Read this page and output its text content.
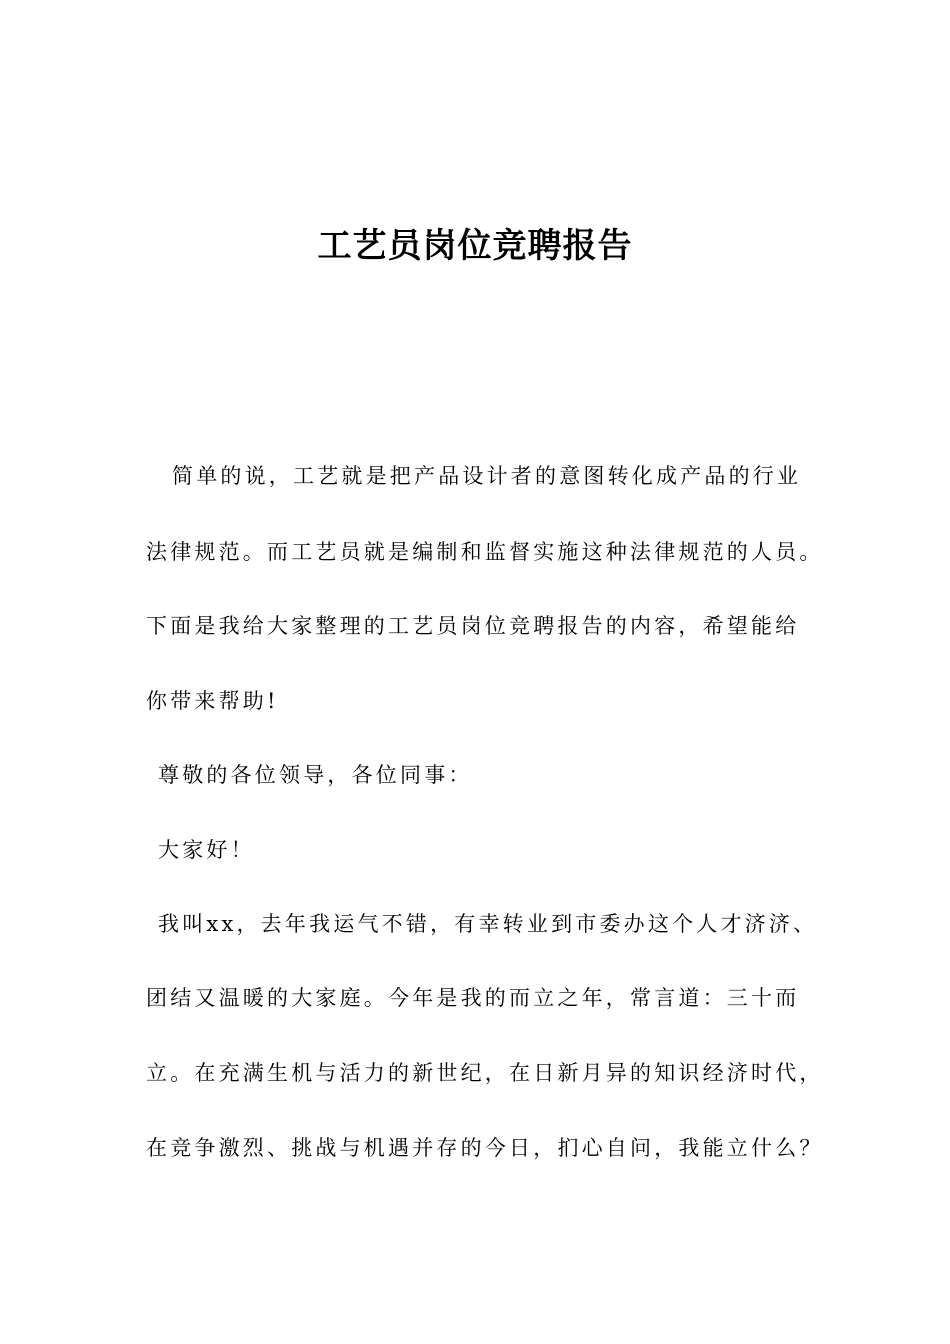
工艺员岗位竞聘报告
简单的说，工艺就是把产品设计者的意图转化成产品的行业
法律规范。而工艺员就是编制和监督实施这种法律规范的人员。
下面是我给大家整理的工艺员岗位竞聘报告的内容，希望能给
你带来帮助!
尊敬的各位领导，各位同事：
大家好！
我叫xx，去年我运气不错，有幸转业到市委办这个人才济济、
团结又温暖的大家庭。今年是我的而立之年，常言道：三十而
立。在充满生机与活力的新世纪，在日新月异的知识经济时代，
在竞争激烈、挑战与机遇并存的今日，扪心自问，我能立什么？
